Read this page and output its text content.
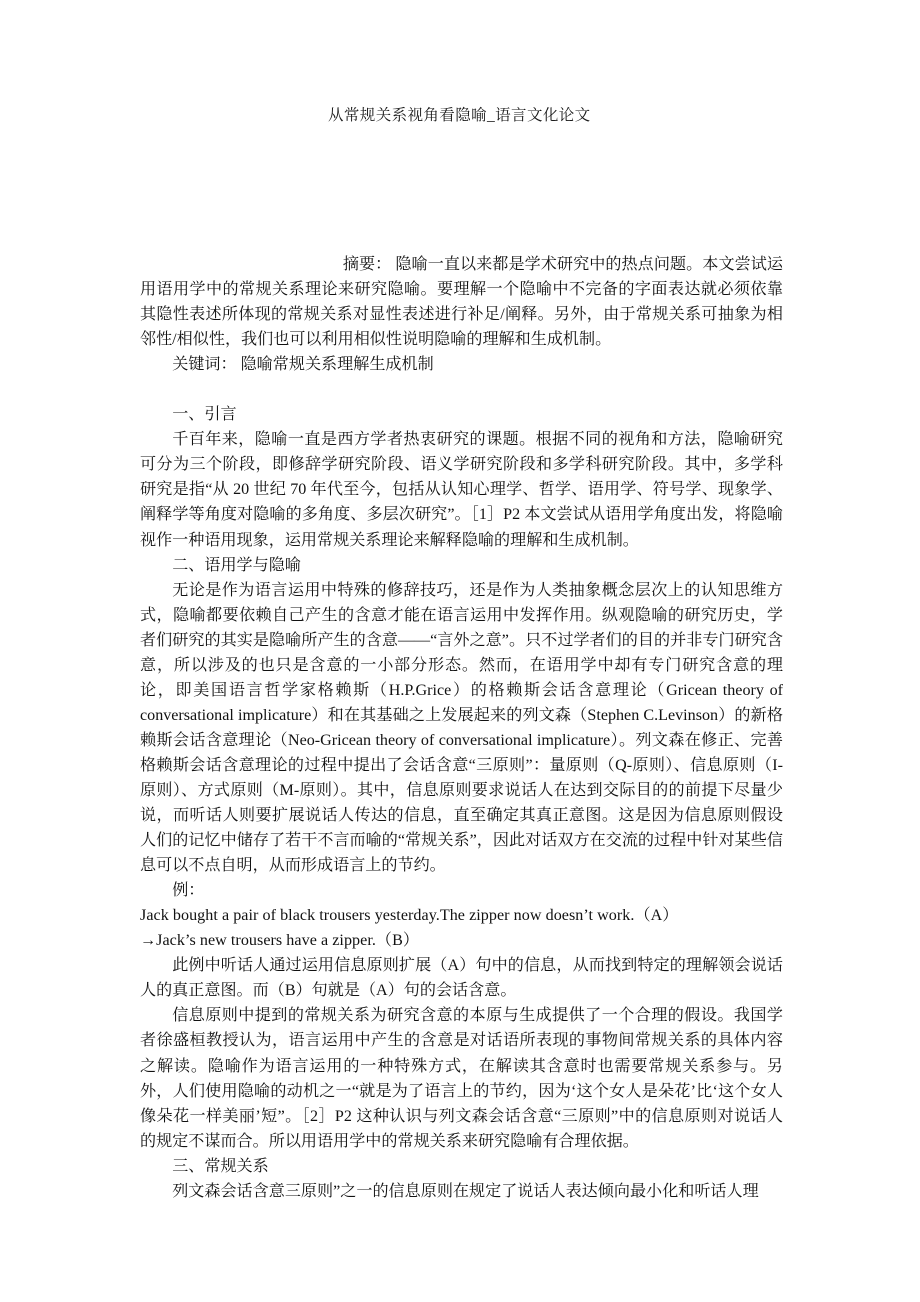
从常规关系视角看隐喻_语言文化论文

摘要： 隐喻一直以来都是学术研究中的热点问题。本文尝试运用语用学中的常规关系理论来研究隐喻。要理解一个隐喻中不完备的字面表达就必须依靠其隐性表述所体现的常规关系对显性表述进行补足/阐释。另外，由于常规关系可抽象为相邻性/相似性，我们也可以利用相似性说明隐喻的理解和生成机制。

关键词： 隐喻常规关系理解生成机制

一、引言

千百年来，隐喻一直是西方学者热衷研究的课题。根据不同的视角和方法，隐喻研究可分为三个阶段，即修辞学研究阶段、语义学研究阶段和多学科研究阶段。其中，多学科研究是指“从 20 世纪 70 年代至今，包括从认知心理学、哲学、语用学、符号学、现象学、阐释学等角度对隐喻的多角度、多层次研究”。［1］P2 本文尝试从语用学角度出发，将隐喻视作一种语用现象，运用常规关系理论来解释隐喻的理解和生成机制。

二、语用学与隐喻

无论是作为语言运用中特殊的修辞技巧，还是作为人类抽象概念层次上的认知思维方式，隐喻都要依赖自己产生的含意才能在语言运用中发挥作用。纵观隐喻的研究历史，学者们研究的其实是隐喻所产生的含意——“言外之意”。只不过学者们的目的并非专门研究含意，所以涉及的也只是含意的一小部分形态。然而，在语用学中却有专门研究含意的理论，即美国语言哲学家格赖斯（H.P.Grice）的格赖斯会话含意理论（Gricean theory of conversational implicature）和在其基础之上发展起来的列文森（Stephen C.Levinson）的新格赖斯会话含意理论（Neo-Gricean theory of conversational implicature）。列文森在修正、完善格赖斯会话含意理论的过程中提出了会话含意“三原则”：量原则（Q-原则）、信息原则（I-原则）、方式原则（M-原则）。其中，信息原则要求说话人在达到交际目的的前提下尽量少说，而听话人则要扩展说话人传达的信息，直至确定其真正意图。这是因为信息原则假设人们的记忆中储存了若干不言而喻的“常规关系”，因此对话双方在交流的过程中针对某些信息可以不点自明，从而形成语言上的节约。

例：

Jack bought a pair of black trousers yesterday.The zipper now doesn’t work.（A）

→Jack’s new trousers have a zipper.（B）

此例中听话人通过运用信息原则扩展（A）句中的信息，从而找到特定的理解领会说话人的真正意图。而（B）句就是（A）句的会话含意。

信息原则中提到的常规关系为研究含意的本原与生成提供了一个合理的假设。我国学者徐盛桓教授认为，语言运用中产生的含意是对话语所表现的事物间常规关系的具体内容之解读。隐喻作为语言运用的一种特殊方式，在解读其含意时也需要常规关系参与。另外，人们使用隐喻的动机之一“就是为了语言上的节约，因为‘这个女人是朵花’比‘这个女人像朵花一样美丽’短”。［2］P2 这种认识与列文森会话含意“三原则”中的信息原则对说话人的规定不谋而合。所以用语用学中的常规关系来研究隐喻有合理依据。

三、常规关系

列文森会话含意三原则”之一的信息原则在规定了说话人表达倾向最小化和听话人理
